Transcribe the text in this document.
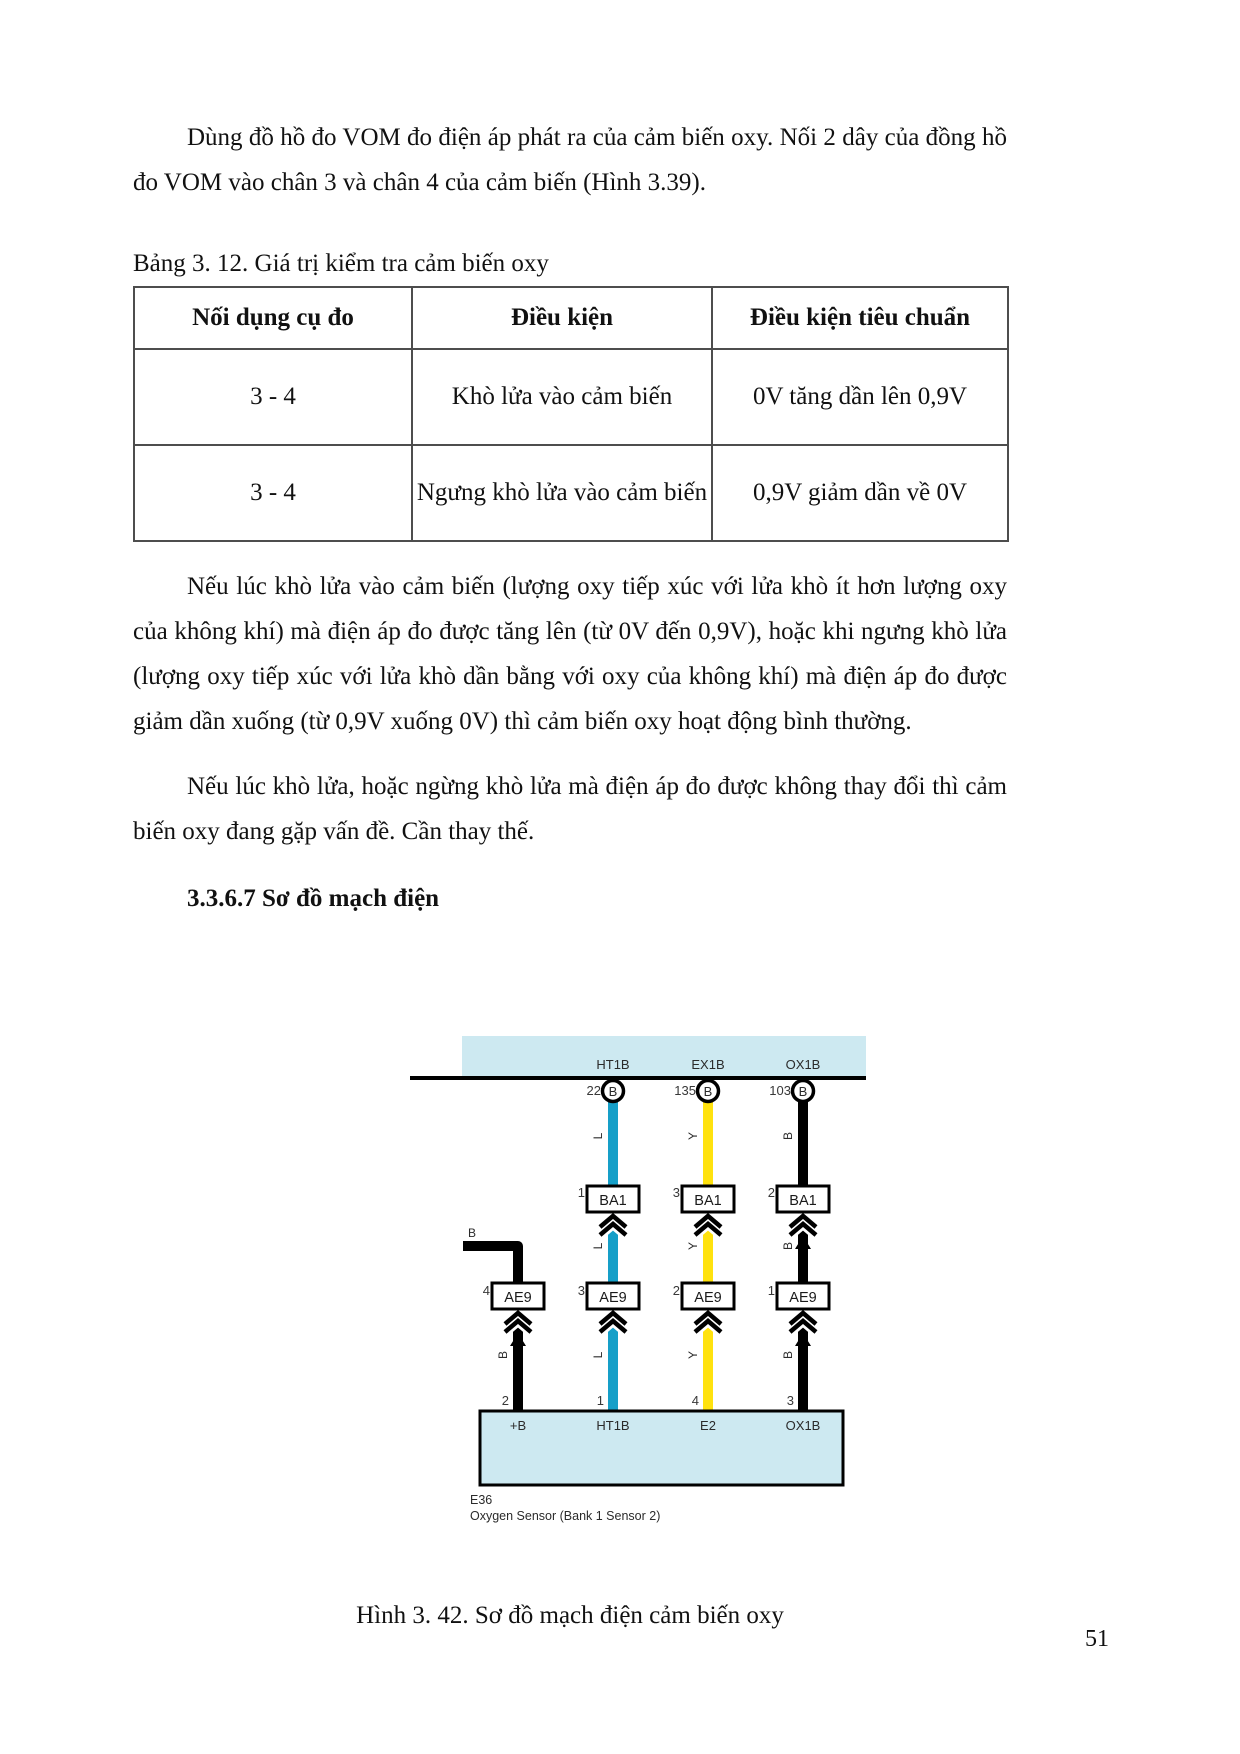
Dùng đồ hồ đo VOM đo điện áp phát ra của cảm biến oxy. Nối 2 dây của đồng hồ đo VOM vào chân 3 và chân 4 của cảm biến (Hình 3.39).

Bảng 3. 12. Giá trị kiểm tra cảm biến oxy

Nối dụng cụ đo	Điều kiện	Điều kiện tiêu chuẩn
3 - 4	Khò lửa vào cảm biến	0V tăng dần lên 0,9V
3 - 4	Ngưng khò lửa vào cảm biến	0,9V giảm dần về 0V

Nếu lúc khò lửa vào cảm biến (lượng oxy tiếp xúc với lửa khò ít hơn lượng oxy của không khí) mà điện áp đo được tăng lên (từ 0V đến 0,9V), hoặc khi ngưng khò lửa (lượng oxy tiếp xúc với lửa khò dần bằng với oxy của không khí) mà điện áp đo được giảm dần xuống (từ 0,9V xuống 0V) thì cảm biến oxy hoạt động bình thường.

Nếu lúc khò lửa, hoặc ngừng khò lửa mà điện áp đo được không thay đổi thì cảm biến oxy đang gặp vấn đề. Cần thay thế.

3.3.6.7 Sơ đồ mạch điện

HT1B	EX1B	OX1B
B
22
L
BA1
1
L
AE9
3
L
1
B
135
Y
BA1
3
Y
AE9
2
Y
4
B
103
B
BA1
2
B
AE9
1
B
3
B
AE9
4
B
2
+B	HT1B	E2	OX1B
E36
Oxygen Sensor (Bank 1 Sensor 2)

Hình 3. 42. Sơ đồ mạch điện cảm biến oxy

51
